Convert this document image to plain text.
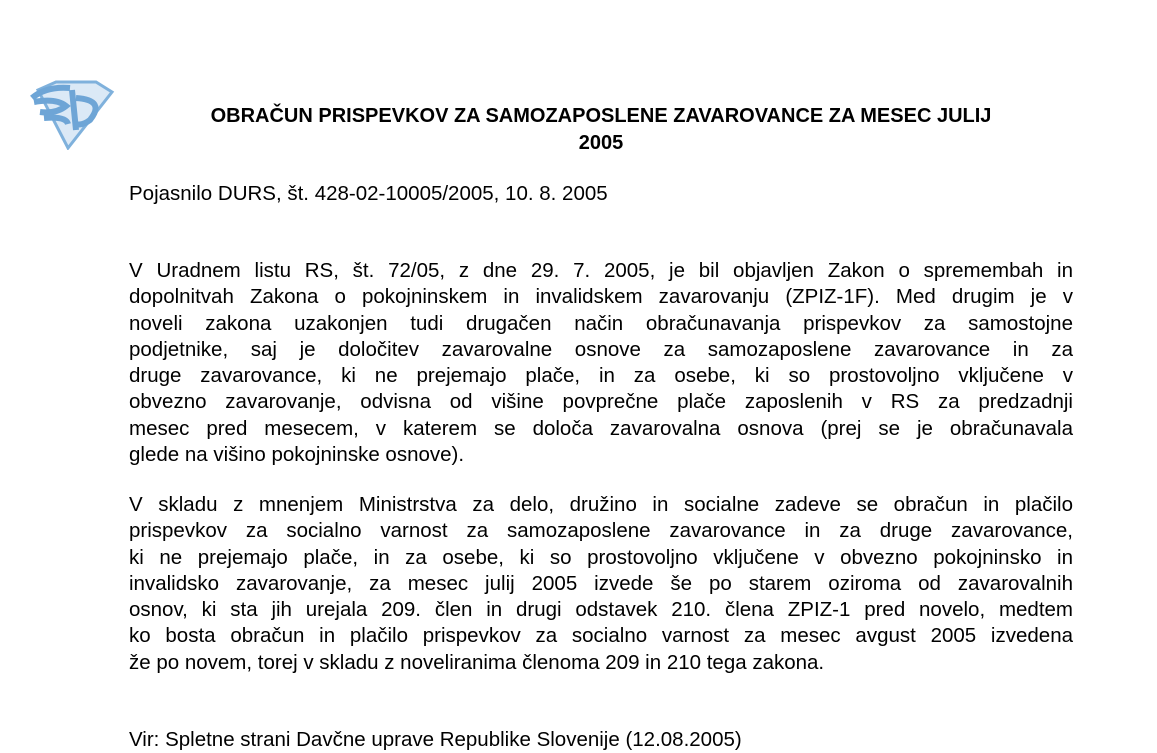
OBRAČUN PRISPEVKOV ZA SAMOZAPOSLENE ZAVAROVANCE ZA MESEC JULIJ
2005
Pojasnilo DURS, št. 428-02-10005/2005, 10. 8. 2005
V Uradnem listu RS, št. 72/05, z dne 29. 7. 2005, je bil objavljen Zakon o spremembah in
dopolnitvah Zakona o pokojninskem in invalidskem zavarovanju (ZPIZ-1F). Med drugim je v
noveli zakona uzakonjen tudi drugačen način obračunavanja prispevkov za samostojne
podjetnike, saj je določitev zavarovalne osnove za samozaposlene zavarovance in za
druge zavarovance, ki ne prejemajo plače, in za osebe, ki so prostovoljno vključene v
obvezno zavarovanje, odvisna od višine povprečne plače zaposlenih v RS za predzadnji
mesec pred mesecem, v katerem se določa zavarovalna osnova (prej se je obračunavala
glede na višino pokojninske osnove).
V skladu z mnenjem Ministrstva za delo, družino in socialne zadeve se obračun in plačilo
prispevkov za socialno varnost za samozaposlene zavarovance in za druge zavarovance,
ki ne prejemajo plače, in za osebe, ki so prostovoljno vključene v obvezno pokojninsko in
invalidsko zavarovanje, za mesec julij 2005 izvede še po starem oziroma od zavarovalnih
osnov, ki sta jih urejala 209. člen in drugi odstavek 210. člena ZPIZ-1 pred novelo, medtem
ko bosta obračun in plačilo prispevkov za socialno varnost za mesec avgust 2005 izvedena
že po novem, torej v skladu z noveliranima členoma 209 in 210 tega zakona.
Vir: Spletne strani Davčne uprave Republike Slovenije (12.08.2005)
